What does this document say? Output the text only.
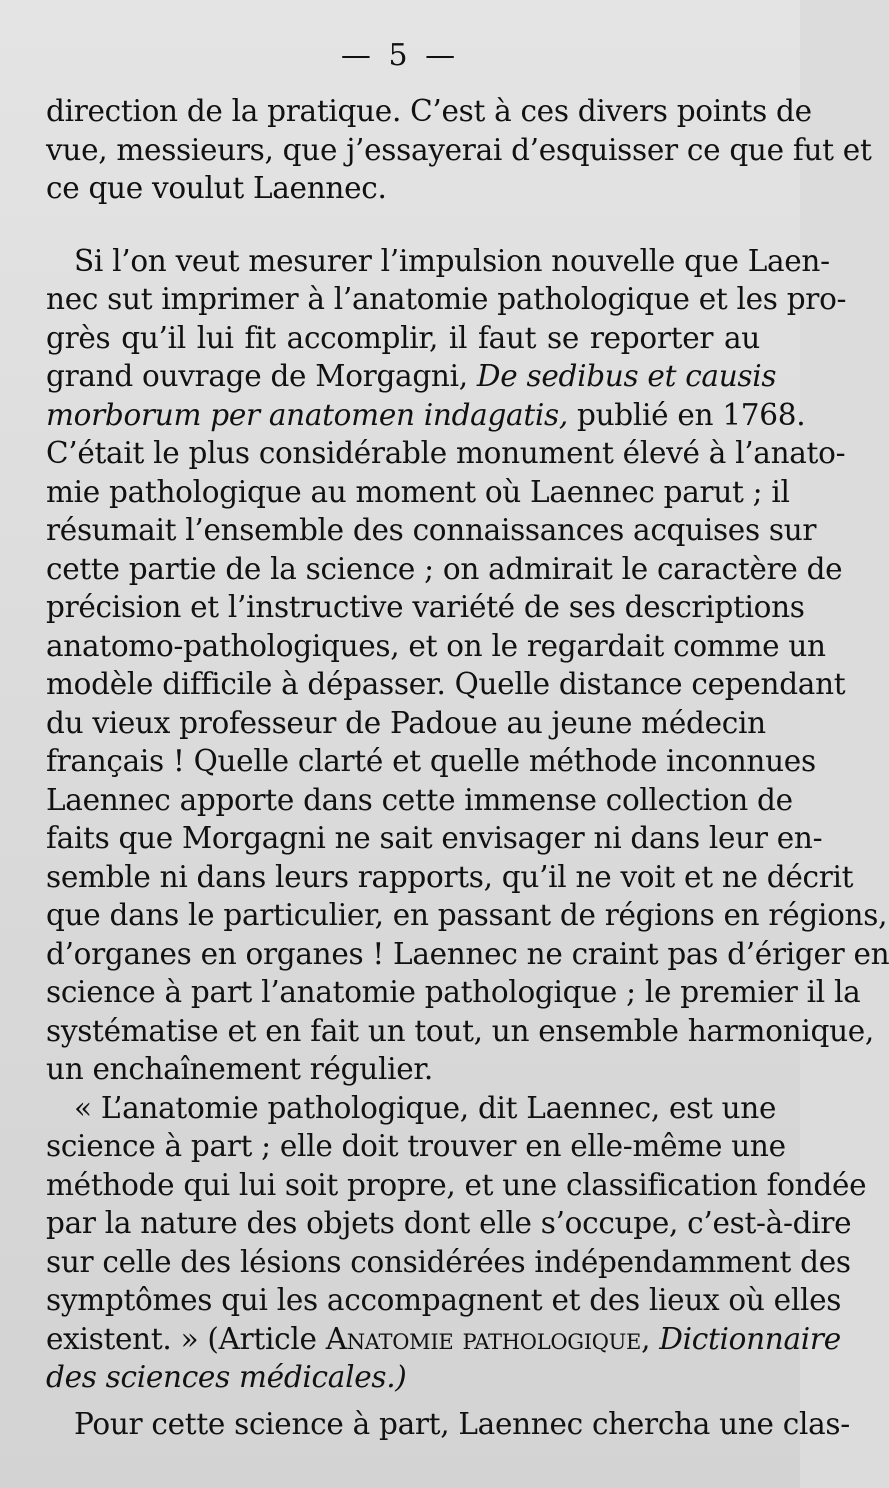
— 5 —
direction de la pratique. C’est à ces divers points de
vue, messieurs, que j’essayerai d’esquisser ce que fut et
ce que voulut Laennec.
Si l’on veut mesurer l’impulsion nouvelle que Laen-
nec sut imprimer à l’anatomie pathologique et les pro-
grès qu’il lui fit accomplir, il faut se reporter au
grand ouvrage de Morgagni, De sedibus et causis
morborum per anatomen indagatis, publié en 1768.
C’était le plus considérable monument élevé à l’anato-
mie pathologique au moment où Laennec parut ; il
résumait l’ensemble des connaissances acquises sur
cette partie de la science ; on admirait le caractère de
précision et l’instructive variété de ses descriptions
anatomo-pathologiques, et on le regardait comme un
modèle difficile à dépasser. Quelle distance cependant
du vieux professeur de Padoue au jeune médecin
français ! Quelle clarté et quelle méthode inconnues
Laennec apporte dans cette immense collection de
faits que Morgagni ne sait envisager ni dans leur en-
semble ni dans leurs rapports, qu’il ne voit et ne décrit
que dans le particulier, en passant de régions en régions,
d’organes en organes ! Laennec ne craint pas d’ériger en
science à part l’anatomie pathologique ; le premier il la
systématise et en fait un tout, un ensemble harmonique,
un enchaînement régulier.
« L’anatomie pathologique, dit Laennec, est une
science à part ; elle doit trouver en elle-même une
méthode qui lui soit propre, et une classification fondée
par la nature des objets dont elle s’occupe, c’est-à-dire
sur celle des lésions considérées indépendamment des
symptômes qui les accompagnent et des lieux où elles
existent. » (Article Anatomie pathologique, Dictionnaire
des sciences médicales.)
Pour cette science à part, Laennec chercha une clas-
